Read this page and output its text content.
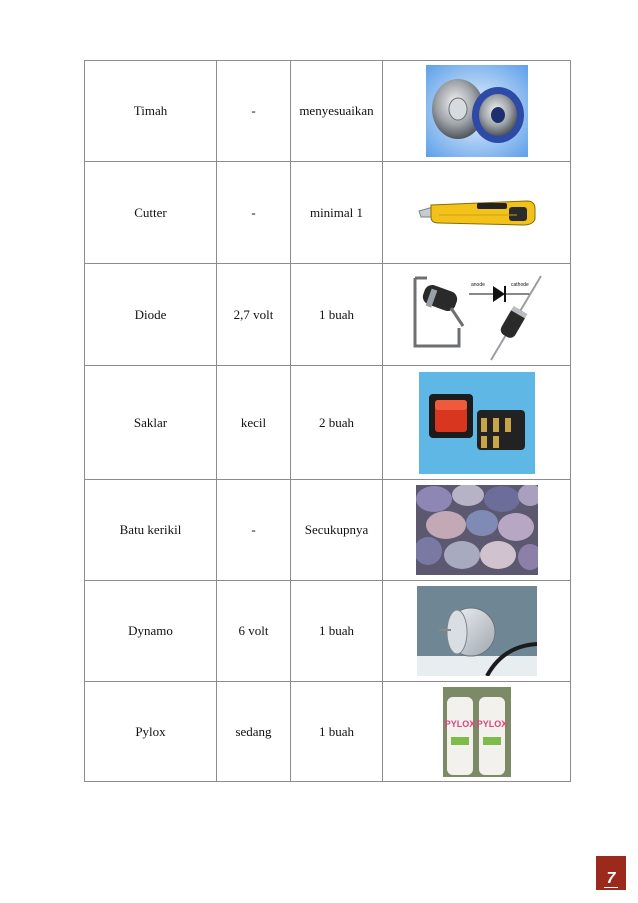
Timah	-	menyesuaikan	

Cutter	-	minimal 1	

Diode	2,7 volt	1 buah	anode cathode

Saklar	kecil	2 buah	

Batu kerikil	-	Secukupnya	

Dynamo	6 volt	1 buah	

Pylox	sedang	1 buah	PYLOX PYLOX
7
